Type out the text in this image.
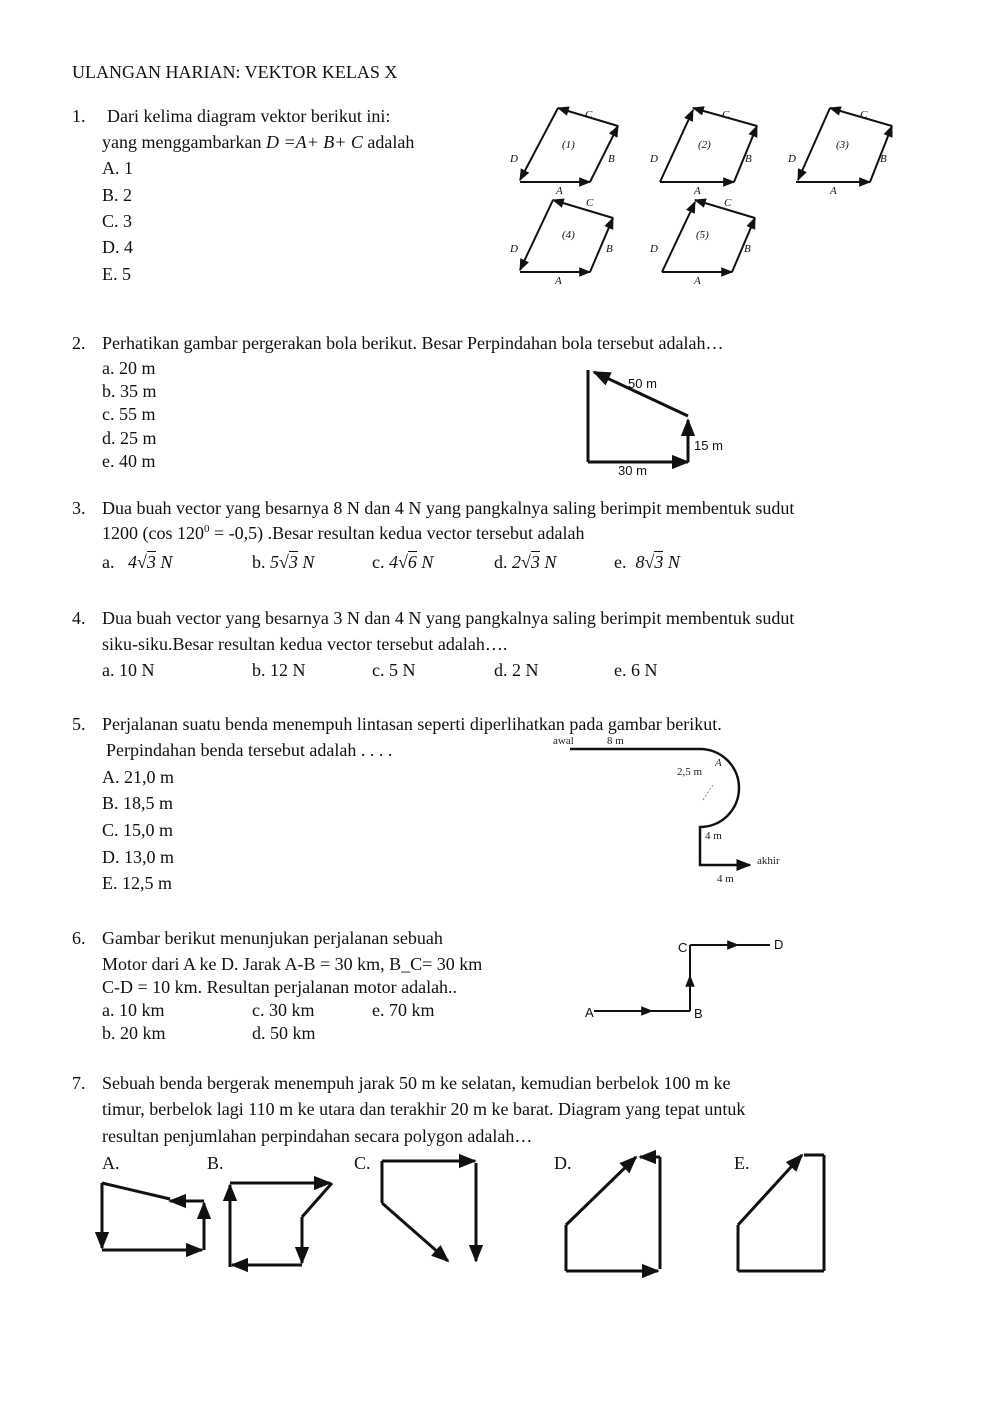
ULANGAN HARIAN: VEKTOR KELAS X
1. Dari kelima diagram vektor berikut ini:
yang menggambarkan D =A+ B+ C adalah
A. 1
B. 2
C. 3
D. 4
E. 5
(1)	(2)	(3)
(4)	(5)
C
D	B
A
C
D	B
A
C
D	B
A
C
D	B
A
C
D	B
A
2. Perhatikan gambar pergerakan bola berikut. Besar Perpindahan bola tersebut adalah…
a. 20 m
b. 35 m
c. 55 m
d. 25 m
e. 40 m
50 m
15 m
30 m
3. Dua buah vector yang besarnya 8 N dan 4 N yang pangkalnya saling berimpit membentuk sudut
1200 (cos $120^0 = -0,5$) .Besar resultan kedua vector tersebut adalah
a. 4√3 N	b. 5√3 N	c. 4√6 N	d. 2√3 N	e. 8√3 N
4. Dua buah vector yang besarnya 3 N dan 4 N yang pangkalnya saling berimpit membentuk sudut
siku-siku.Besar resultan kedua vector tersebut adalah….
a. 10 N	b. 12 N	c. 5 N	d. 2 N	e. 6 N
5. Perjalanan suatu benda menempuh lintasan seperti diperlihatkan pada gambar berikut.
Perpindahan benda tersebut adalah . . . .
A. 21,0 m
B. 18,5 m
C. 15,0 m
D. 13,0 m
E. 12,5 m
awal	8 m
2,5 m
A
4 m
akhir
4 m
6. Gambar berikut menunjukan perjalanan sebuah
Motor dari A ke D. Jarak A-B = 30 km, B_C= 30 km
C-D = 10 km. Resultan perjalanan motor adalah..
a. 10 km
b. 20 km
c. 30 km
d. 50 km
e. 70 km	A	B
C	D
7. Sebuah benda bergerak menempuh jarak 50 m ke selatan, kemudian berbelok 100 m ke
timur, berbelok lagi 110 m ke utara dan terakhir 20 m ke barat. Diagram yang tepat untuk
resultan penjumlahan perpindahan secara polygon adalah…
A.	B.	C.	D.	E.
